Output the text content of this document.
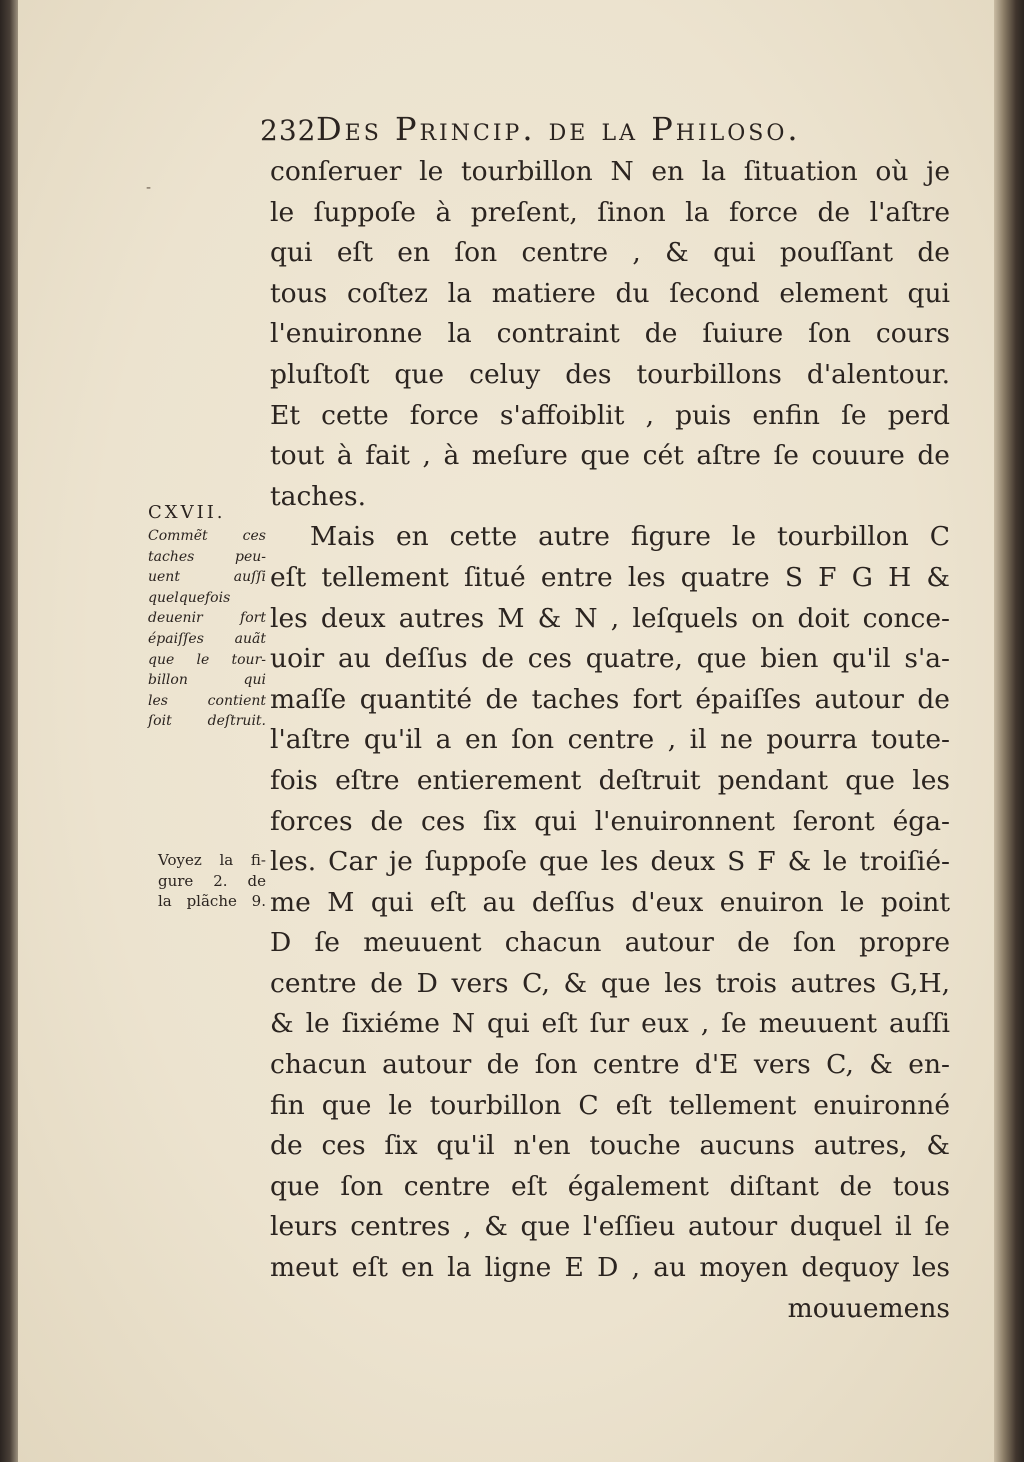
-
232 Des Princip. de la Philoso.
conſeruer le tourbillon N en la ſituation où je
le ſuppoſe à preſent, ſinon la force de l'aſtre
qui eſt en ſon centre , & qui pouſſant de
tous coſtez la matiere du ſecond element qui
l'enuironne la contraint de ſuiure ſon cours
pluſtoſt que celuy des tourbillons d'alentour.
Et cette force s'affoiblit , puis enfin ſe perd
tout à fait , à meſure que cét aſtre ſe couure de
taches.
Mais en cette autre figure le tourbillon C
eſt tellement ſitué entre les quatre S F G H &
les deux autres M & N , leſquels on doit conce-
uoir au deſſus de ces quatre, que bien qu'il s'a-
maſſe quantité de taches fort épaiſſes autour de
l'aſtre qu'il a en ſon centre , il ne pourra toute-
fois eſtre entierement deſtruit pendant que les
forces de ces ſix qui l'enuironnent ſeront éga-
les. Car je ſuppoſe que les deux S F & le troiſié-
me M qui eſt au deſſus d'eux enuiron le point
D ſe meuuent chacun autour de ſon propre
centre de D vers C, & que les trois autres G,H,
& le ſixiéme N qui eſt ſur eux , ſe meuuent auſſi
chacun autour de ſon centre d'E vers C, & en-
fin que le tourbillon C eſt tellement enuironné
de ces ſix qu'il n'en touche aucuns autres, &
que ſon centre eſt également diſtant de tous
leurs centres , & que l'eſſieu autour duquel il ſe
meut eſt en la ligne E D , au moyen dequoy les
mouuemens
CXVII.
Commẽt ces
taches peu-
uent auſſi
quelquefois
deuenir fort
épaiſſes auãt
que le tour-
billon qui
les contient
ſoit deſtruit.
Voyez la fi-
gure 2. de
la plãche 9.
